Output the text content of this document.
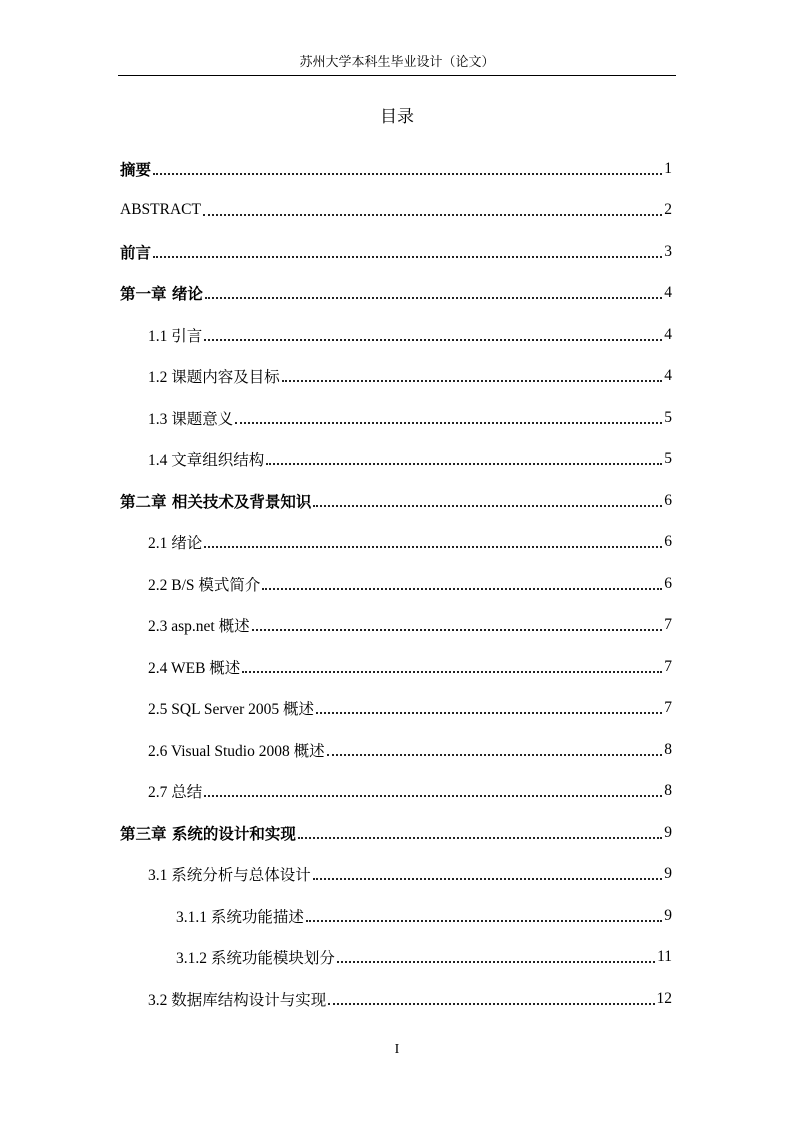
苏州大学本科生毕业设计（论文）
目录
摘要	1
ABSTRACT	2
前言	3
第一章 绪论	4
1.1 引言	4
1.2 课题内容及目标	4
1.3 课题意义	5
1.4 文章组织结构	5
第二章 相关技术及背景知识	6
2.1 绪论	6
2.2 B/S 模式简介	6
2.3 asp.net 概述	7
2.4 WEB 概述	7
2.5 SQL Server 2005 概述	7
2.6 Visual Studio 2008 概述	8
2.7 总结	8
第三章 系统的设计和实现	9
3.1 系统分析与总体设计	9
3.1.1 系统功能描述	9
3.1.2 系统功能模块划分	11
3.2 数据库结构设计与实现	12
I
